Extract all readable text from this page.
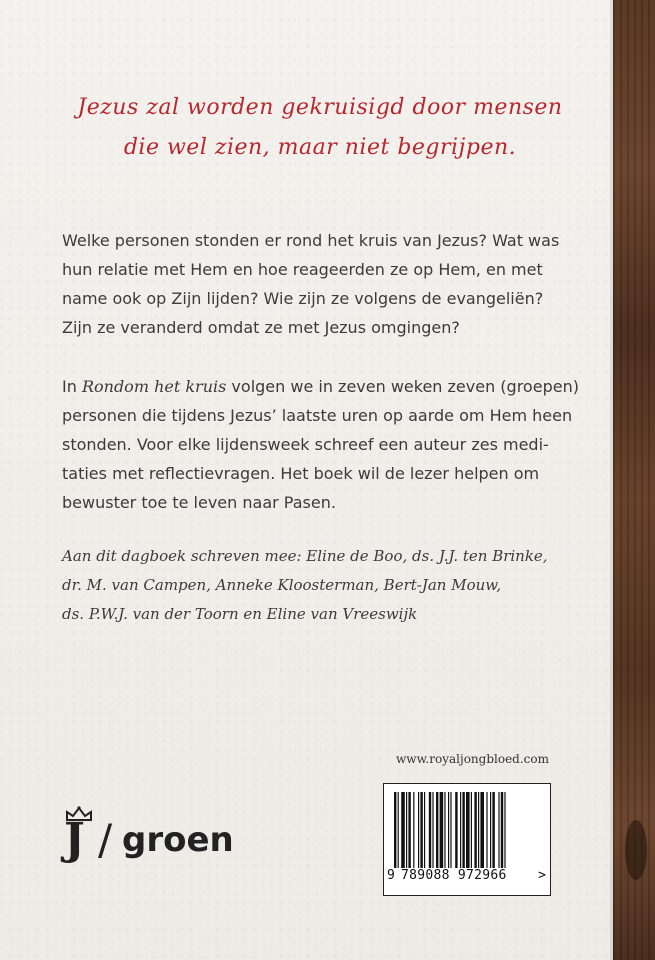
Jezus zal worden gekruisigd door mensen
die wel zien, maar niet begrijpen.
Welke personen stonden er rond het kruis van Jezus? Wat was
hun relatie met Hem en hoe reageerden ze op Hem, en met
name ook op Zijn lijden? Wie zijn ze volgens de evangeliën?
Zijn ze veranderd omdat ze met Jezus omgingen?
In Rondom het kruis volgen we in zeven weken zeven (groepen)
personen die tijdens Jezus’ laatste uren op aarde om Hem heen
stonden. Voor elke lijdensweek schreef een auteur zes medi-
taties met reflectievragen. Het boek wil de lezer helpen om
bewuster toe te leven naar Pasen.
Aan dit dagboek schreven mee: Eline de Boo, ds. J.J. ten Brinke,
dr. M. van Campen, Anneke Kloosterman, Bert-Jan Mouw,
ds. P.W.J. van der Toorn en Eline van Vreeswijk
www.royaljongbloed.com
9 789088 972966 >
J / groen
